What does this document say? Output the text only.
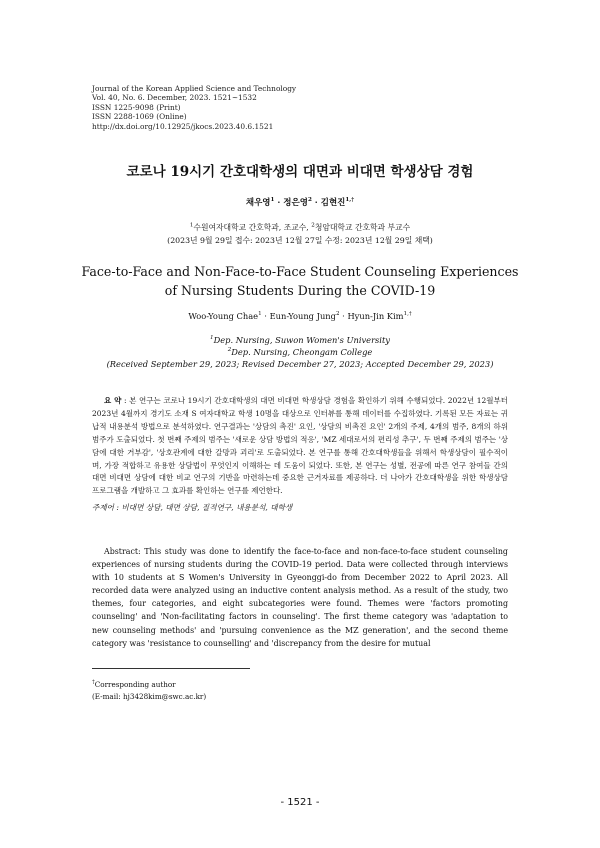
Journal of the Korean Applied Science and Technology
Vol. 40, No. 6. December, 2023. 1521~1532
ISSN 1225-9098 (Print)
ISSN 2288-1069 (Online)
http://dx.doi.org/10.12925/jkocs.2023.40.6.1521
코로나 19시기 간호대학생의 대면과 비대면 학생상담 경험
채우영$^1$ · 정은영$^2$ · 김현진$^{1,\dagger}$
$^1$수원여자대학교 간호학과, 조교수, $^2$청암대학교 간호학과 부교수
(2023년 9월 29일 접수: 2023년 12월 27일 수정: 2023년 12월 29일 채택)
Face-to-Face and Non-Face-to-Face Student Counseling Experiences
of Nursing Students During the COVID-19
Woo-Young Chae$^1$ · Eun-Young Jung$^2$ · Hyun-Jin Kim$^{1,\dagger}$
$^1$Dep. Nursing, Suwon Women's University
$^2$Dep. Nursing, Cheongam College
(Received September 29, 2023; Revised December 27, 2023; Accepted December 29, 2023)
요 약 : 본 연구는 코로나 19시기 간호대학생의 대면 비대면 학생상담 경험을 확인하기 위해 수행되었다. 2022년 12월부터 2023년 4월까지 경기도 소재 S 여자대학교 학생 10명을 대상으로 인터뷰를 통해 데이터를 수집하였다. 기록된 모든 자료는 귀납적 내용분석 방법으로 분석하였다. 연구결과는 '상담의 촉진' 요인, '상담의 비촉진 요인' 2개의 주제, 4개의 범주, 8개의 하위범주가 도출되었다. 첫 번째 주제의 범주는 '새로운 상담 방법의 적응', 'MZ 세대로서의 편리성 추구', 두 번째 주제의 범주는 '상담에 대한 거부감', '상호관계에 대한 갈망과 괴리'로 도출되었다. 본 연구를 통해 간호대학생들을 위해서 학생상담이 필수적이며, 가장 적합하고 유용한 상담법이 무엇인지 이해하는 데 도움이 되었다. 또한, 본 연구는 성별, 전공에 따른 연구 참여들 간의 대면 비대면 상담에 대한 비교 연구의 기반을 마련하는데 중요한 근거자료를 제공하다. 더 나아가 간호대학생을 위한 학생상담 프로그램을 개발하고 그 효과를 확인하는 연구를 제언한다.
주제어 : 비대면 상담, 대면 상담, 질적연구, 내용분석, 대학생
Abstract: This study was done to identify the face-to-face and non-face-to-face student counseling experiences of nursing students during the COVID-19 period. Data were collected through interviews with 10 students at S Women's University in Gyeonggi-do from December 2022 to April 2023. All recorded data were analyzed using an inductive content analysis method. As a result of the study, two themes, four categories, and eight subcategories were found. Themes were 'factors promoting counseling' and 'Non-facilitating factors in counseling'. The first theme category was 'adaptation to new counseling methods' and 'pursuing convenience as the MZ generation', and the second theme category was 'resistance to counselling' and 'discrepancy from the desire for mutual
†Corresponding author
(E-mail: hj3428kim@swc.ac.kr)
- 1521 -
